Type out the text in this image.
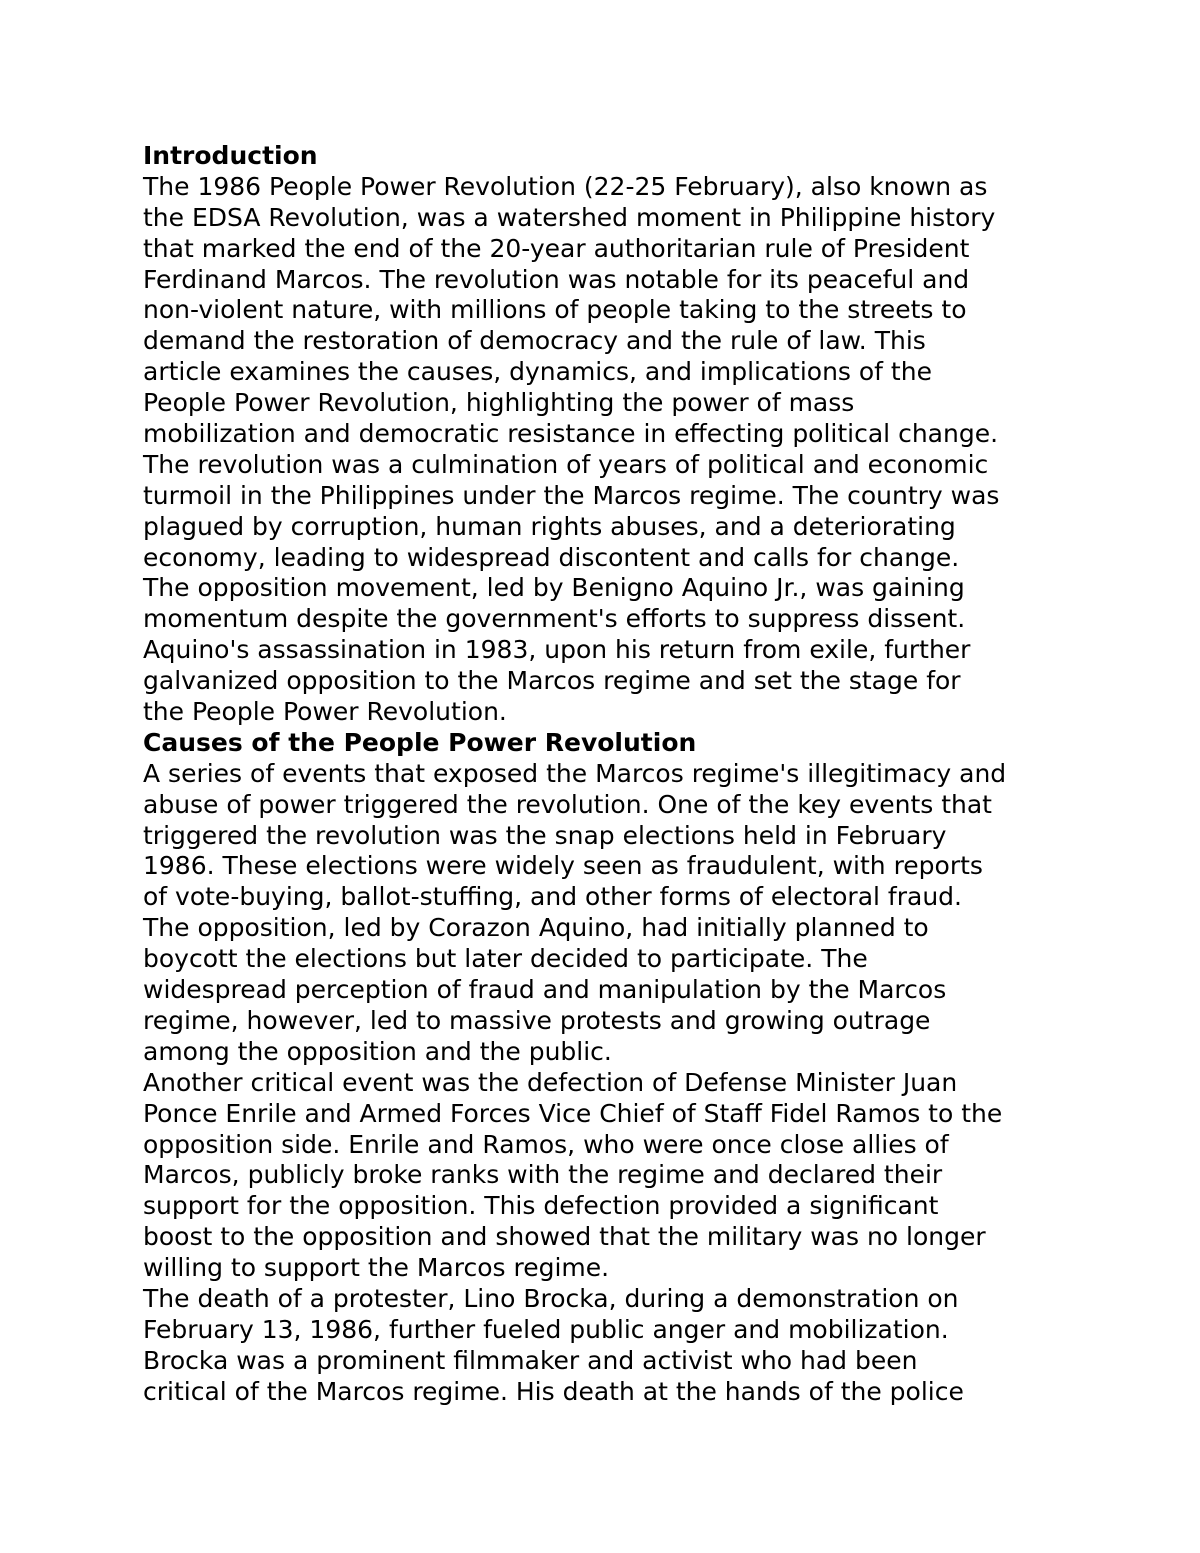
Introduction
The 1986 People Power Revolution (22-25 February), also known as
the EDSA Revolution, was a watershed moment in Philippine history
that marked the end of the 20-year authoritarian rule of President
Ferdinand Marcos. The revolution was notable for its peaceful and
non-violent nature, with millions of people taking to the streets to
demand the restoration of democracy and the rule of law. This
article examines the causes, dynamics, and implications of the
People Power Revolution, highlighting the power of mass
mobilization and democratic resistance in effecting political change.
The revolution was a culmination of years of political and economic
turmoil in the Philippines under the Marcos regime. The country was
plagued by corruption, human rights abuses, and a deteriorating
economy, leading to widespread discontent and calls for change.
The opposition movement, led by Benigno Aquino Jr., was gaining
momentum despite the government's efforts to suppress dissent.
Aquino's assassination in 1983, upon his return from exile, further
galvanized opposition to the Marcos regime and set the stage for
the People Power Revolution.
Causes of the People Power Revolution
A series of events that exposed the Marcos regime's illegitimacy and
abuse of power triggered the revolution. One of the key events that
triggered the revolution was the snap elections held in February
1986. These elections were widely seen as fraudulent, with reports
of vote-buying, ballot-stuffing, and other forms of electoral fraud.
The opposition, led by Corazon Aquino, had initially planned to
boycott the elections but later decided to participate. The
widespread perception of fraud and manipulation by the Marcos
regime, however, led to massive protests and growing outrage
among the opposition and the public.
Another critical event was the defection of Defense Minister Juan
Ponce Enrile and Armed Forces Vice Chief of Staff Fidel Ramos to the
opposition side. Enrile and Ramos, who were once close allies of
Marcos, publicly broke ranks with the regime and declared their
support for the opposition. This defection provided a significant
boost to the opposition and showed that the military was no longer
willing to support the Marcos regime.
The death of a protester, Lino Brocka, during a demonstration on
February 13, 1986, further fueled public anger and mobilization.
Brocka was a prominent filmmaker and activist who had been
critical of the Marcos regime. His death at the hands of the police
